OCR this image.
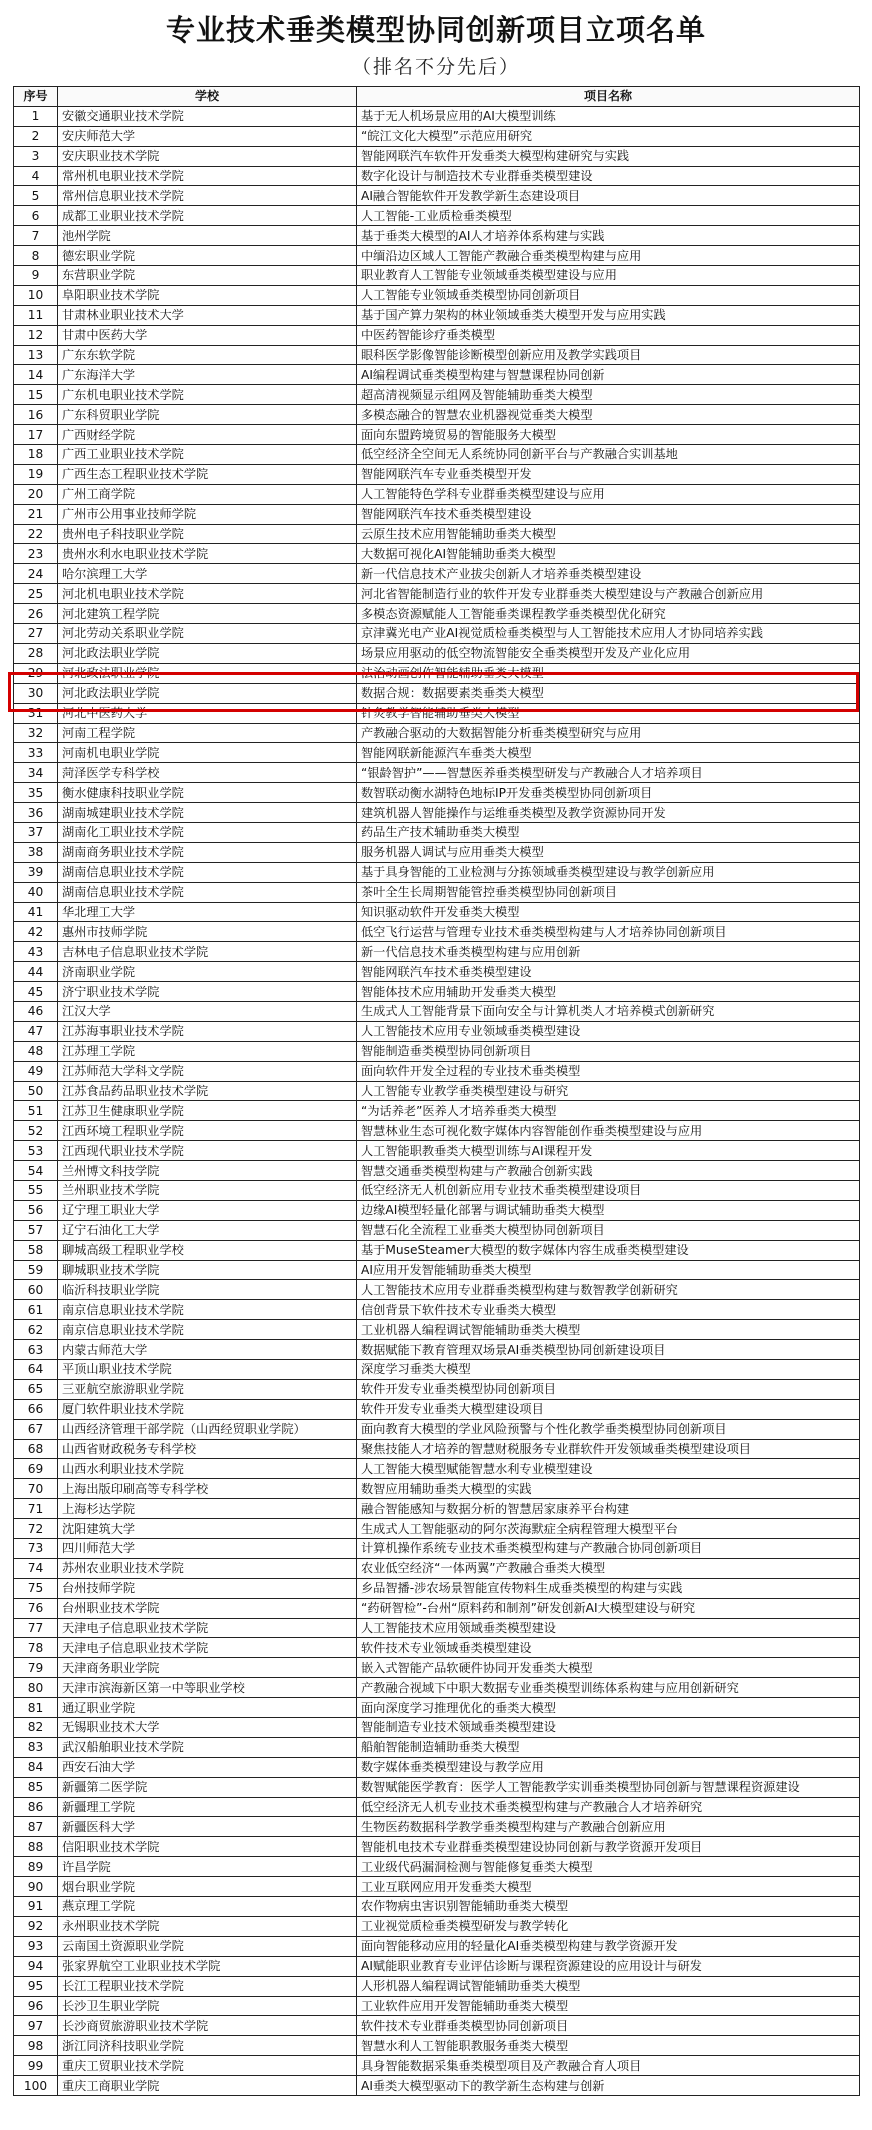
专业技术垂类模型协同创新项目立项名单
（排名不分先后）
序号	学校	项目名称
1	安徽交通职业技术学院	基于无人机场景应用的AI大模型训练
2	安庆师范大学	“皖江文化大模型”示范应用研究
3	安庆职业技术学院	智能网联汽车软件开发垂类大模型构建研究与实践
4	常州机电职业技术学院	数字化设计与制造技术专业群垂类模型建设
5	常州信息职业技术学院	AI融合智能软件开发教学新生态建设项目
6	成都工业职业技术学院	人工智能-工业质检垂类模型
7	池州学院	基于垂类大模型的AI人才培养体系构建与实践
8	德宏职业学院	中缅沿边区域人工智能产教融合垂类模型构建与应用
9	东营职业学院	职业教育人工智能专业领域垂类模型建设与应用
10	阜阳职业技术学院	人工智能专业领域垂类模型协同创新项目
11	甘肃林业职业技术大学	基于国产算力架构的林业领域垂类大模型开发与应用实践
12	甘肃中医药大学	中医药智能诊疗垂类模型
13	广东东软学院	眼科医学影像智能诊断模型创新应用及教学实践项目
14	广东海洋大学	AI编程调试垂类模型构建与智慧课程协同创新
15	广东机电职业技术学院	超高清视频显示组网及智能辅助垂类大模型
16	广东科贸职业学院	多模态融合的智慧农业机器视觉垂类大模型
17	广西财经学院	面向东盟跨境贸易的智能服务大模型
18	广西工业职业技术学院	低空经济全空间无人系统协同创新平台与产教融合实训基地
19	广西生态工程职业技术学院	智能网联汽车专业垂类模型开发
20	广州工商学院	人工智能特色学科专业群垂类模型建设与应用
21	广州市公用事业技师学院	智能网联汽车技术垂类模型建设
22	贵州电子科技职业学院	云原生技术应用智能辅助垂类大模型
23	贵州水利水电职业技术学院	大数据可视化AI智能辅助垂类大模型
24	哈尔滨理工大学	新一代信息技术产业拔尖创新人才培养垂类模型建设
25	河北机电职业技术学院	河北省智能制造行业的软件开发专业群垂类大模型建设与产教融合创新应用
26	河北建筑工程学院	多模态资源赋能人工智能垂类课程教学垂类模型优化研究
27	河北劳动关系职业学院	京津冀光电产业AI视觉质检垂类模型与人工智能技术应用人才协同培养实践
28	河北政法职业学院	场景应用驱动的低空物流智能安全垂类模型开发及产业化应用
29	河北政法职业学院	法治动画创作智能辅助垂类大模型
30	河北政法职业学院	数据合规：数据要素类垂类大模型
31	河北中医药大学	针灸教学智能辅助垂类大模型
32	河南工程学院	产教融合驱动的大数据智能分析垂类模型研究与应用
33	河南机电职业学院	智能网联新能源汽车垂类大模型
34	菏泽医学专科学校	“银龄智护”——智慧医养垂类模型研发与产教融合人才培养项目
35	衡水健康科技职业学院	数智联动衡水湖特色地标IP开发垂类模型协同创新项目
36	湖南城建职业技术学院	建筑机器人智能操作与运维垂类模型及教学资源协同开发
37	湖南化工职业技术学院	药品生产技术辅助垂类大模型
38	湖南商务职业技术学院	服务机器人调试与应用垂类大模型
39	湖南信息职业技术学院	基于具身智能的工业检测与分拣领域垂类模型建设与教学创新应用
40	湖南信息职业技术学院	茶叶全生长周期智能管控垂类模型协同创新项目
41	华北理工大学	知识驱动软件开发垂类大模型
42	惠州市技师学院	低空飞行运营与管理专业技术垂类模型构建与人才培养协同创新项目
43	吉林电子信息职业技术学院	新一代信息技术垂类模型构建与应用创新
44	济南职业学院	智能网联汽车技术垂类模型建设
45	济宁职业技术学院	智能体技术应用辅助开发垂类大模型
46	江汉大学	生成式人工智能背景下面向安全与计算机类人才培养模式创新研究
47	江苏海事职业技术学院	人工智能技术应用专业领域垂类模型建设
48	江苏理工学院	智能制造垂类模型协同创新项目
49	江苏师范大学科文学院	面向软件开发全过程的专业技术垂类模型
50	江苏食品药品职业技术学院	人工智能专业教学垂类模型建设与研究
51	江苏卫生健康职业学院	“为话养老”医养人才培养垂类大模型
52	江西环境工程职业学院	智慧林业生态可视化数字媒体内容智能创作垂类模型建设与应用
53	江西现代职业技术学院	人工智能职教垂类大模型训练与AI课程开发
54	兰州博文科技学院	智慧交通垂类模型构建与产教融合创新实践
55	兰州职业技术学院	低空经济无人机创新应用专业技术垂类模型建设项目
56	辽宁理工职业大学	边缘AI模型轻量化部署与调试辅助垂类大模型
57	辽宁石油化工大学	智慧石化全流程工业垂类大模型协同创新项目
58	聊城高级工程职业学校	基于MuseSteamer大模型的数字媒体内容生成垂类模型建设
59	聊城职业技术学院	AI应用开发智能辅助垂类大模型
60	临沂科技职业学院	人工智能技术应用专业群垂类模型构建与数智教学创新研究
61	南京信息职业技术学院	信创背景下软件技术专业垂类大模型
62	南京信息职业技术学院	工业机器人编程调试智能辅助垂类大模型
63	内蒙古师范大学	数据赋能下教育管理双场景AI垂类模型协同创新建设项目
64	平顶山职业技术学院	深度学习垂类大模型
65	三亚航空旅游职业学院	软件开发专业垂类模型协同创新项目
66	厦门软件职业技术学院	软件开发专业垂类大模型建设项目
67	山西经济管理干部学院（山西经贸职业学院）	面向教育大模型的学业风险预警与个性化教学垂类模型协同创新项目
68	山西省财政税务专科学校	聚焦技能人才培养的智慧财税服务专业群软件开发领域垂类模型建设项目
69	山西水利职业技术学院	人工智能大模型赋能智慧水利专业模型建设
70	上海出版印刷高等专科学校	数智应用辅助垂类大模型的实践
71	上海杉达学院	融合智能感知与数据分析的智慧居家康养平台构建
72	沈阳建筑大学	生成式人工智能驱动的阿尔茨海默症全病程管理大模型平台
73	四川师范大学	计算机操作系统专业技术垂类模型构建与产教融合协同创新项目
74	苏州农业职业技术学院	农业低空经济“一体两翼”产教融合垂类大模型
75	台州技师学院	乡品智播-涉农场景智能宣传物料生成垂类模型的构建与实践
76	台州职业技术学院	“药研智检”-台州“原料药和制剂”研发创新AI大模型建设与研究
77	天津电子信息职业技术学院	人工智能技术应用领域垂类模型建设
78	天津电子信息职业技术学院	软件技术专业领域垂类模型建设
79	天津商务职业学院	嵌入式智能产品软硬件协同开发垂类大模型
80	天津市滨海新区第一中等职业学校	产教融合视域下中职大数据专业垂类模型训练体系构建与应用创新研究
81	通辽职业学院	面向深度学习推理优化的垂类大模型
82	无锡职业技术大学	智能制造专业技术领域垂类模型建设
83	武汉船舶职业技术学院	船舶智能制造辅助垂类大模型
84	西安石油大学	数字媒体垂类模型建设与教学应用
85	新疆第二医学院	数智赋能医学教育：医学人工智能教学实训垂类模型协同创新与智慧课程资源建设
86	新疆理工学院	低空经济无人机专业技术垂类模型构建与产教融合人才培养研究
87	新疆医科大学	生物医药数据科学教学垂类模型构建与产教融合创新应用
88	信阳职业技术学院	智能机电技术专业群垂类模型建设协同创新与教学资源开发项目
89	许昌学院	工业级代码漏洞检测与智能修复垂类大模型
90	烟台职业学院	工业互联网应用开发垂类大模型
91	燕京理工学院	农作物病虫害识别智能辅助垂类大模型
92	永州职业技术学院	工业视觉质检垂类模型研发与教学转化
93	云南国土资源职业学院	面向智能移动应用的轻量化AI垂类模型构建与教学资源开发
94	张家界航空工业职业技术学院	AI赋能职业教育专业评估诊断与课程资源建设的应用设计与研发
95	长江工程职业技术学院	人形机器人编程调试智能辅助垂类大模型
96	长沙卫生职业学院	工业软件应用开发智能辅助垂类大模型
97	长沙商贸旅游职业技术学院	软件技术专业群垂类模型协同创新项目
98	浙江同济科技职业学院	智慧水利人工智能职教服务垂类大模型
99	重庆工贸职业技术学院	具身智能数据采集垂类模型项目及产教融合育人项目
100	重庆工商职业学院	AI垂类大模型驱动下的教学新生态构建与创新
